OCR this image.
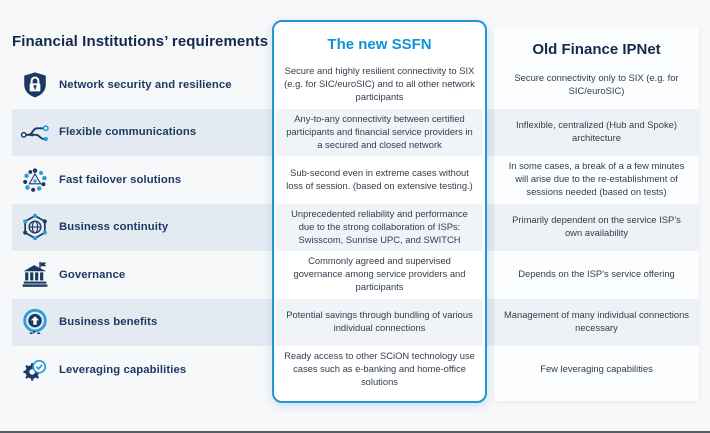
Financial Institutions’ requirements
Network security and resilience
Flexible communications
Fast failover solutions
Business continuity
Governance
Business benefits
Leveraging capabilities
Old Finance IPNet
Secure connectivity only to SIX (e.g. for SIC/euroSIC)
Inflexible, centralized (Hub and Spoke) architecture
In some cases, a break of a a few minutes will arise due to the re-establishment of sessions needed (based on tests)
Primarily dependent on the service ISP’s own availability
Depends on the ISP’s service offering
Management of many individual connections necessary
Few leveraging capabilities
The new SSFN
Secure and highly resilient connectivity to SIX (e.g. for SIC/euroSIC) and to all other network participants
Any-to-any connectivity between certified participants and financial service providers in a secured and closed network
Sub-second even in extreme cases without loss of session. (based on extensive testing.)
Unprecedented reliability and performance due to the strong collaboration of ISPs: Swisscom, Sunrise UPC, and SWITCH
Commonly agreed and supervised governance among service providers and participants
Potential savings through bundling of various individual connections
Ready access to other SCiON technology use cases such as e-banking and home-office solutions
